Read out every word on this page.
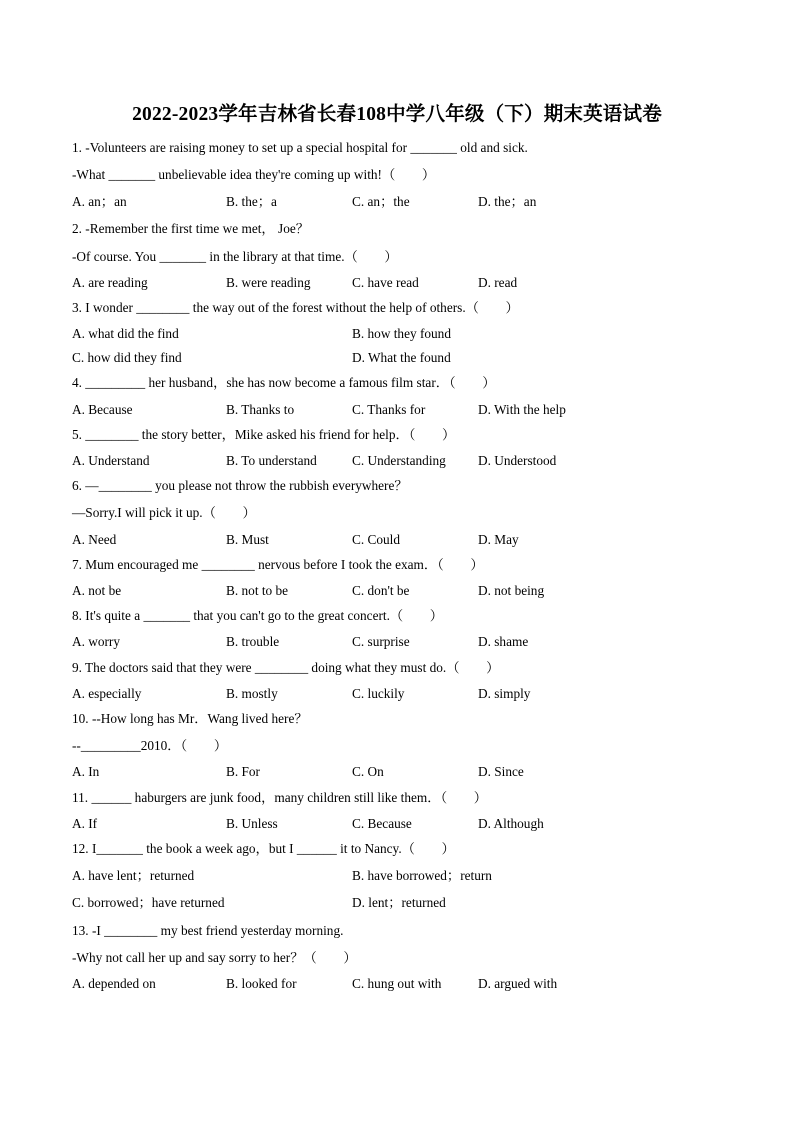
2022-2023学年吉林省长春108中学八年级（下）期末英语试卷
1. -Volunteers are raising money to set up a special hospital for _______ old and sick.
-What _______ unbelievable idea they're coming up with!（　　）
A. an；an	B. the；a	C. an；the	D. the；an
2. -Remember the first time we met， Joe？
-Of course. You _______ in the library at that time.（　　）
A. are reading	B. were reading	C. have read	D. read
3. I wonder ________ the way out of the forest without the help of others.（　　）
A. what did the find	B. how they found
C. how did they find	D. What the found
4. _________ her husband，she has now become a famous film star．（　　）
A. Because	B. Thanks to	C. Thanks for	D. With the help
5. ________ the story better，Mike asked his friend for help．（　　）
A. Understand	B. To understand	C. Understanding D. Understood
6. —________ you please not throw the rubbish everywhere？
—Sorry.I will pick it up.（　　）
A. Need	B. Must	C. Could	D. May
7. Mum encouraged me ________ nervous before I took the exam．（　　）
A. not be	B. not to be	C. don't be	D. not being
8. It's quite a _______ that you can't go to the great concert.（　　）
A. worry	B. trouble	C. surprise	D. shame
9. The doctors said that they were ________ doing what they must do.（　　）
A. especially	B. mostly	C. luckily	D. simply
10. --How long has Mr．Wang lived here？
--_________2010．（　　）
A. In	B. For	C. On	D. Since
11. ______ haburgers are junk food，many children still like them．（　　）
A. If	B. Unless	C. Because	D. Although
12. I_______ the book a week ago，but I ______ it to Nancy.（　　）
A. have lent；returned	B. have borrowed；return
C. borrowed；have returned	D. lent；returned
13. -I ________ my best friend yesterday morning.
-Why not call her up and say sorry to her？（　　）
A. depended on	B. looked for	C. hung out with	D. argued with
